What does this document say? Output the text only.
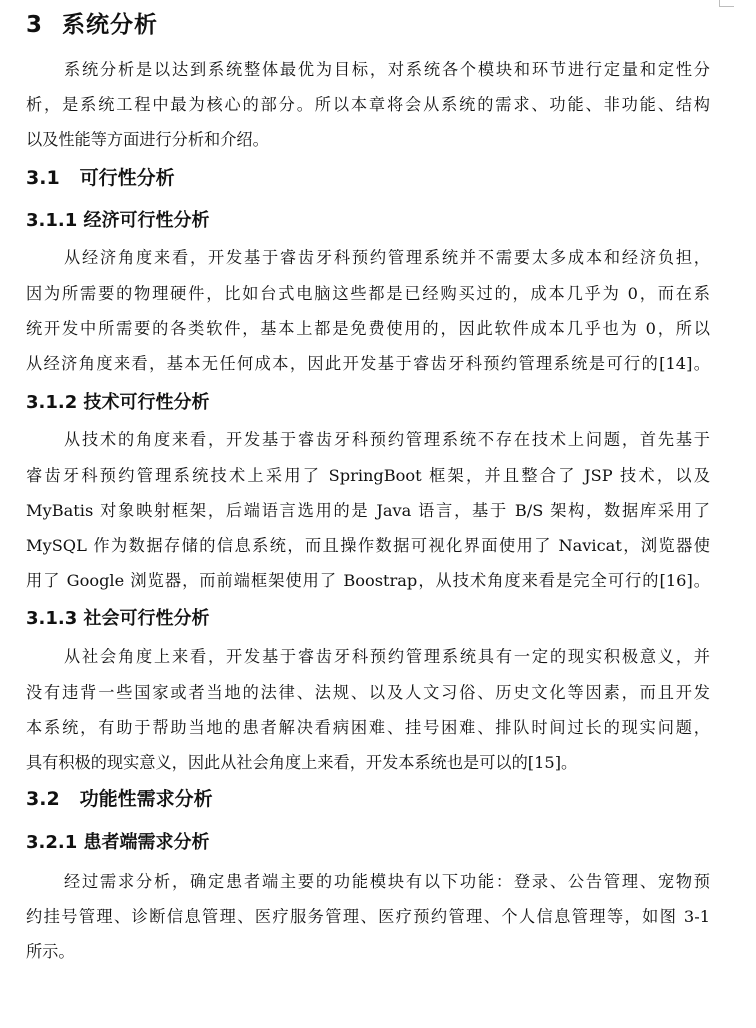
3 系统分析
系统分析是以达到系统整体最优为目标，对系统各个模块和环节进行定量和定性分
析，是系统工程中最为核心的部分。所以本章将会从系统的需求、功能、非功能、结构
以及性能等方面进行分析和介绍。
3.1 可行性分析
3.1.1 经济可行性分析
从经济角度来看，开发基于睿齿牙科预约管理系统并不需要太多成本和经济负担，
因为所需要的物理硬件，比如台式电脑这些都是已经购买过的，成本几乎为 0，而在系
统开发中所需要的各类软件，基本上都是免费使用的，因此软件成本几乎也为 0，所以
从经济角度来看，基本无任何成本，因此开发基于睿齿牙科预约管理系统是可行的[14]。
3.1.2 技术可行性分析
从技术的角度来看，开发基于睿齿牙科预约管理系统不存在技术上问题，首先基于
睿齿牙科预约管理系统技术上采用了 SpringBoot 框架，并且整合了 JSP 技术，以及
MyBatis 对象映射框架，后端语言选用的是 Java 语言，基于 B/S 架构，数据库采用了
MySQL 作为数据存储的信息系统，而且操作数据可视化界面使用了 Navicat，浏览器使
用了 Google 浏览器，而前端框架使用了 Boostrap，从技术角度来看是完全可行的[16]。
3.1.3 社会可行性分析
从社会角度上来看，开发基于睿齿牙科预约管理系统具有一定的现实积极意义，并
没有违背一些国家或者当地的法律、法规、以及人文习俗、历史文化等因素，而且开发
本系统，有助于帮助当地的患者解决看病困难、挂号困难、排队时间过长的现实问题，
具有积极的现实意义，因此从社会角度上来看，开发本系统也是可以的[15]。
3.2 功能性需求分析
3.2.1 患者端需求分析
经过需求分析，确定患者端主要的功能模块有以下功能：登录、公告管理、宠物预
约挂号管理、诊断信息管理、医疗服务管理、医疗预约管理、个人信息管理等，如图 3-1
所示。
